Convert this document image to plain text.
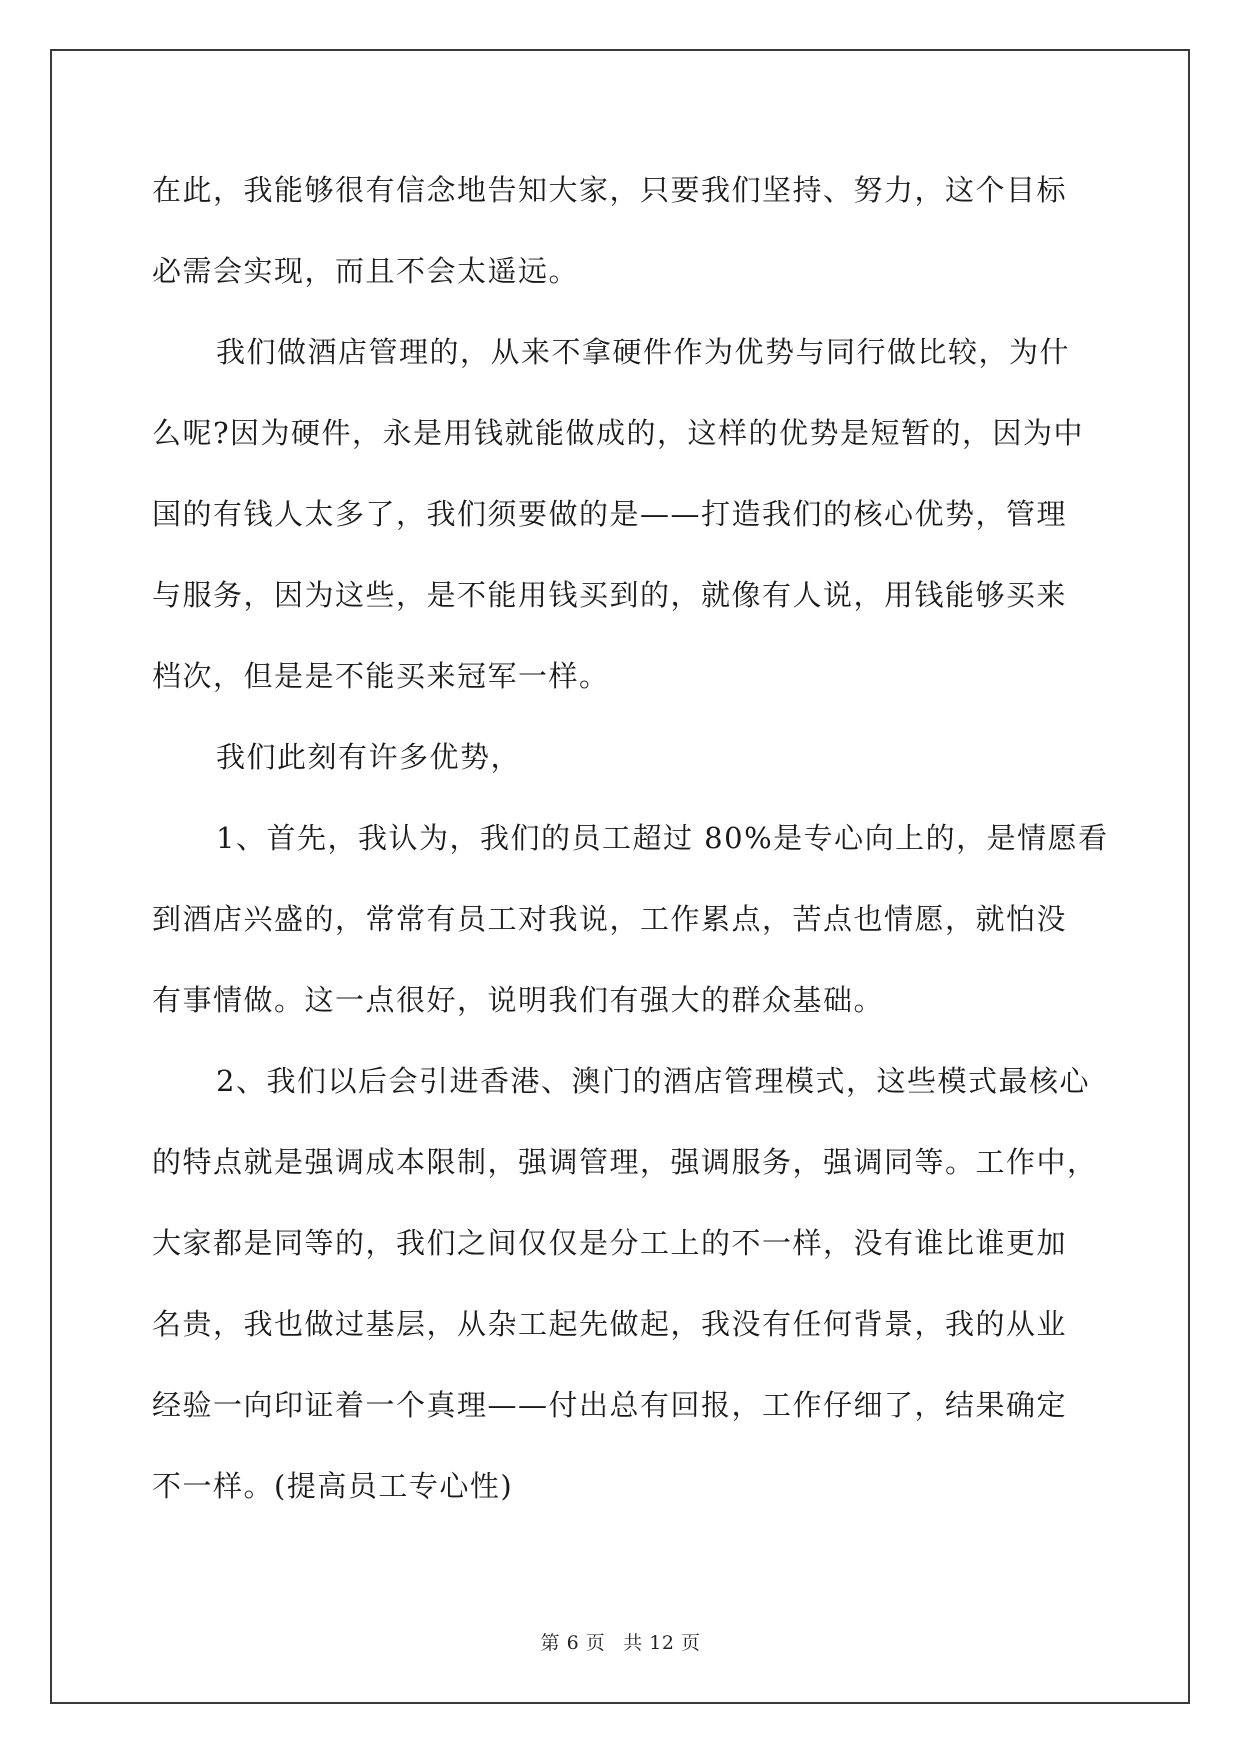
在此，我能够很有信念地告知大家，只要我们坚持、努力，这个目标
必需会实现，而且不会太遥远。
我们做酒店管理的，从来不拿硬件作为优势与同行做比较，为什
么呢?因为硬件，永是用钱就能做成的，这样的优势是短暂的，因为中
国的有钱人太多了，我们须要做的是——打造我们的核心优势，管理
与服务，因为这些，是不能用钱买到的，就像有人说，用钱能够买来
档次，但是是不能买来冠军一样。
我们此刻有许多优势，
1、首先，我认为，我们的员工超过 80%是专心向上的，是情愿看
到酒店兴盛的，常常有员工对我说，工作累点，苦点也情愿，就怕没
有事情做。这一点很好，说明我们有强大的群众基础。
2、我们以后会引进香港、澳门的酒店管理模式，这些模式最核心
的特点就是强调成本限制，强调管理，强调服务，强调同等。工作中，
大家都是同等的，我们之间仅仅是分工上的不一样，没有谁比谁更加
名贵，我也做过基层，从杂工起先做起，我没有任何背景，我的从业
经验一向印证着一个真理——付出总有回报，工作仔细了，结果确定
不一样。(提高员工专心性)
第 6 页 共 12 页
